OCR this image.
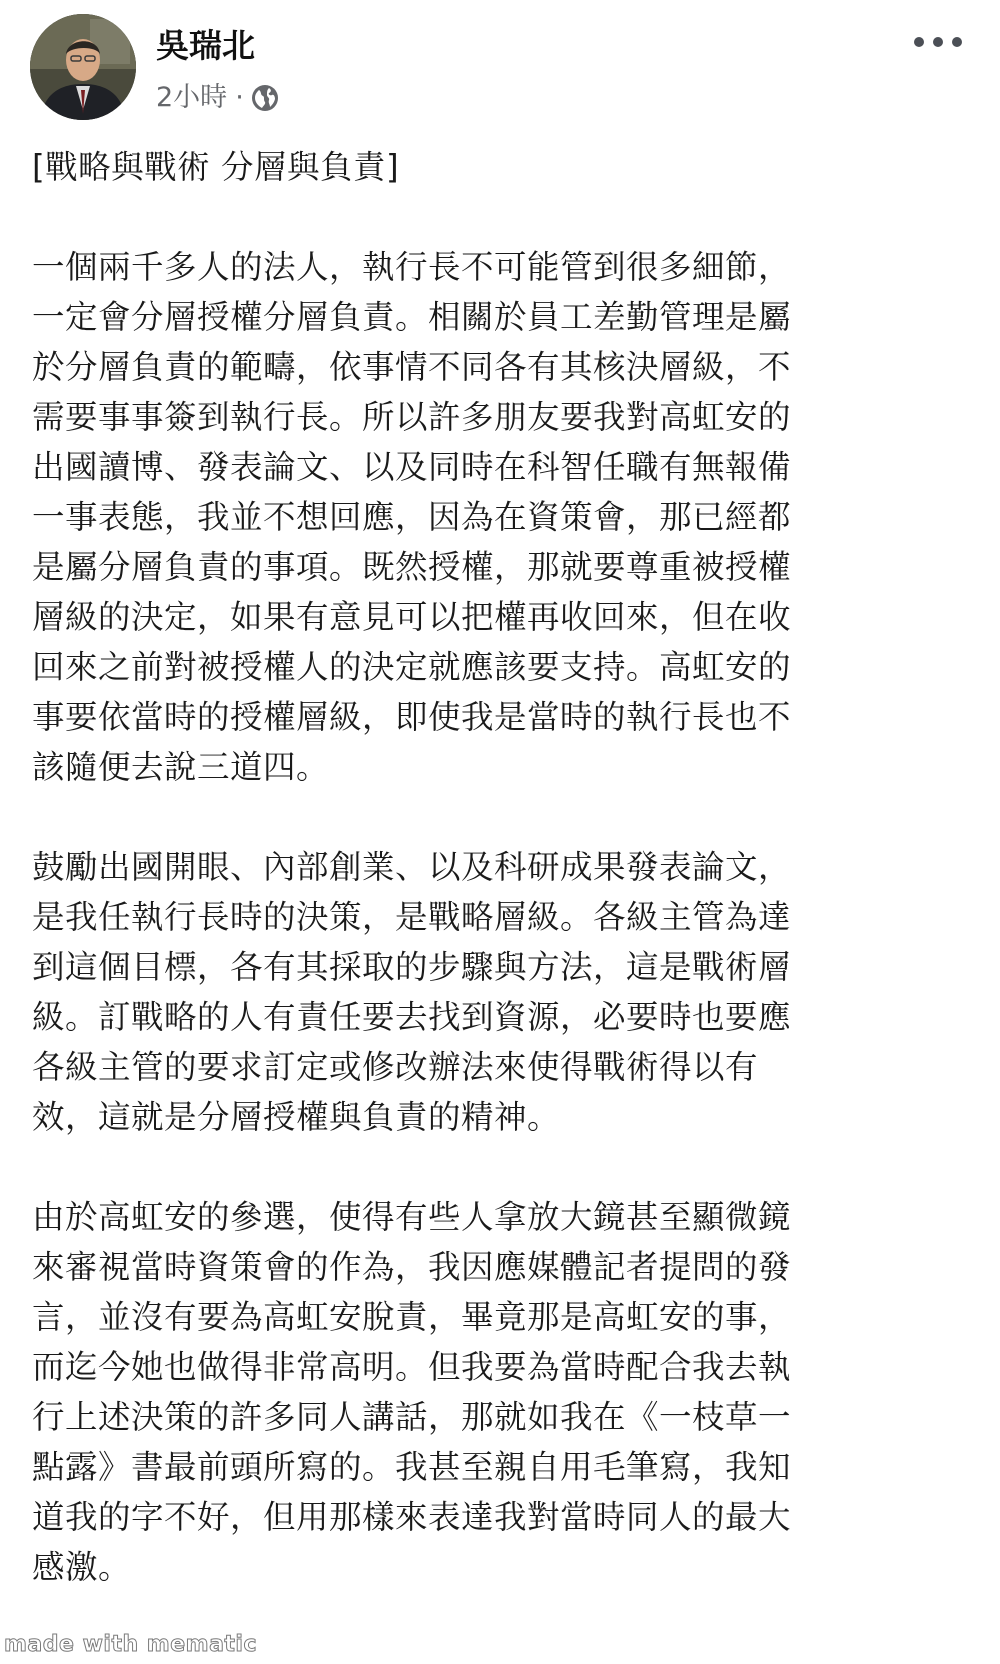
吳瑞北
2小時 ·

[戰略與戰術 分層與負責]

一個兩千多人的法人，執行長不可能管到很多細節，

一定會分層授權分層負責。相關於員工差勤管理是屬

於分層負責的範疇，依事情不同各有其核決層級，不

需要事事簽到執行長。所以許多朋友要我對高虹安的

出國讀博、發表論文、以及同時在科智任職有無報備

一事表態，我並不想回應，因為在資策會，那已經都

是屬分層負責的事項。既然授權，那就要尊重被授權

層級的決定，如果有意見可以把權再收回來，但在收

回來之前對被授權人的決定就應該要支持。高虹安的

事要依當時的授權層級，即使我是當時的執行長也不

該隨便去說三道四。

鼓勵出國開眼、內部創業、以及科研成果發表論文，

是我任執行長時的決策，是戰略層級。各級主管為達

到這個目標，各有其採取的步驟與方法，這是戰術層

級。訂戰略的人有責任要去找到資源，必要時也要應

各級主管的要求訂定或修改辦法來使得戰術得以有

效，這就是分層授權與負責的精神。

由於高虹安的參選，使得有些人拿放大鏡甚至顯微鏡

來審視當時資策會的作為，我因應媒體記者提問的發

言，並沒有要為高虹安脫責，畢竟那是高虹安的事，

而迄今她也做得非常高明。但我要為當時配合我去執

行上述決策的許多同人講話，那就如我在《一枝草一

點露》書最前頭所寫的。我甚至親自用毛筆寫，我知

道我的字不好，但用那樣來表達我對當時同人的最大

感激。

made with mematic
